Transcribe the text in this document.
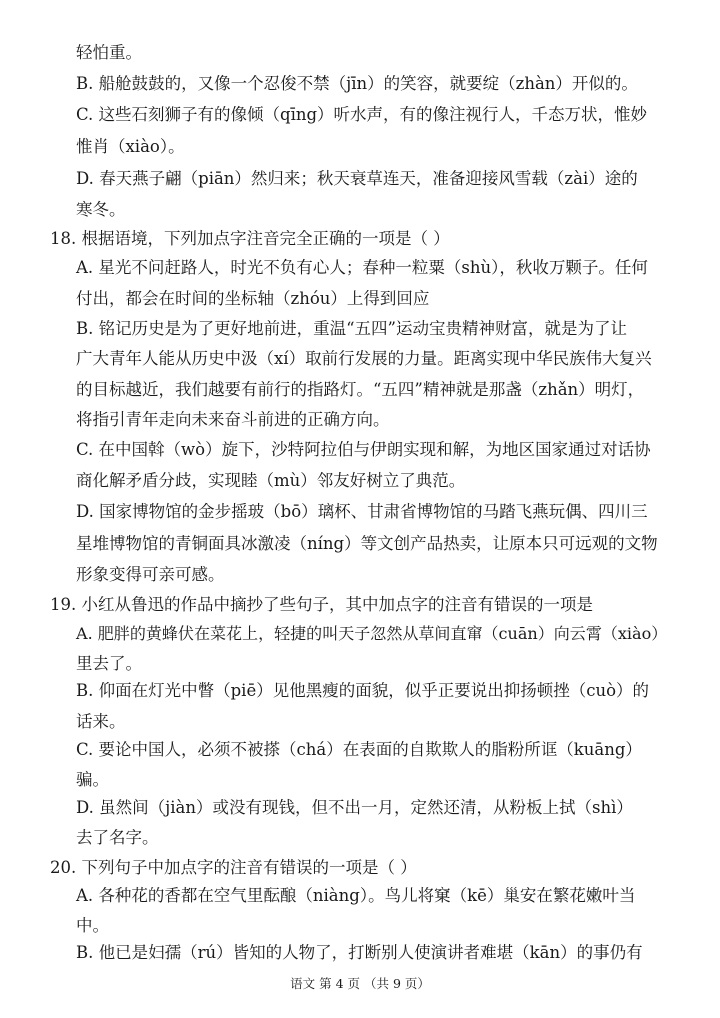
轻怕重。
B. 船舱鼓鼓的，又像一个忍俊不禁（jīn）的笑容，就要绽（zhàn）开似的。
C. 这些石刻狮子有的像倾（qīng）听水声，有的像注视行人，千态万状，惟妙
惟肖（xiào）。
D. 春天燕子翩（piān）然归来；秋天衰草连天，准备迎接风雪载（zài）途的
寒冬。
18. 根据语境，下列加点字注音完全正确的一项是（ ）
A. 星光不问赶路人，时光不负有心人；春种一粒粟（shù），秋收万颗子。任何
付出，都会在时间的坐标轴（zhóu）上得到回应
B. 铭记历史是为了更好地前进，重温“五四”运动宝贵精神财富，就是为了让
广大青年人能从历史中汲（xí）取前行发展的力量。距离实现中华民族伟大复兴
的目标越近，我们越要有前行的指路灯。“五四”精神就是那盏（zhǎn）明灯，
将指引青年走向未来奋斗前进的正确方向。
C. 在中国斡（wò）旋下，沙特阿拉伯与伊朗实现和解，为地区国家通过对话协
商化解矛盾分歧，实现睦（mù）邻友好树立了典范。
D. 国家博物馆的金步摇玻（bō）璃杯、甘肃省博物馆的马踏飞燕玩偶、四川三
星堆博物馆的青铜面具冰激凌（níng）等文创产品热卖，让原本只可远观的文物
形象变得可亲可感。
19. 小红从鲁迅的作品中摘抄了些句子，其中加点字的注音有错误的一项是
A. 肥胖的黄蜂伏在菜花上，轻捷的叫天子忽然从草间直窜（cuān）向云霄（xiào）
里去了。
B. 仰面在灯光中瞥（piē）见他黑瘦的面貌，似乎正要说出抑扬顿挫（cuò）的
话来。
C. 要论中国人，必须不被搽（chá）在表面的自欺欺人的脂粉所诓（kuāng）
骗。
D. 虽然间（jiàn）或没有现钱，但不出一月，定然还清，从粉板上拭（shì）
去了名字。
20. 下列句子中加点字的注音有错误的一项是（ ）
A. 各种花的香都在空气里酝酿（niàng）。鸟儿将窠（kē）巢安在繁花嫩叶当
中。
B. 他已是妇孺（rú）皆知的人物了，打断别人使演讲者难堪（kān）的事仍有
语文 第 4 页 （共 9 页）
